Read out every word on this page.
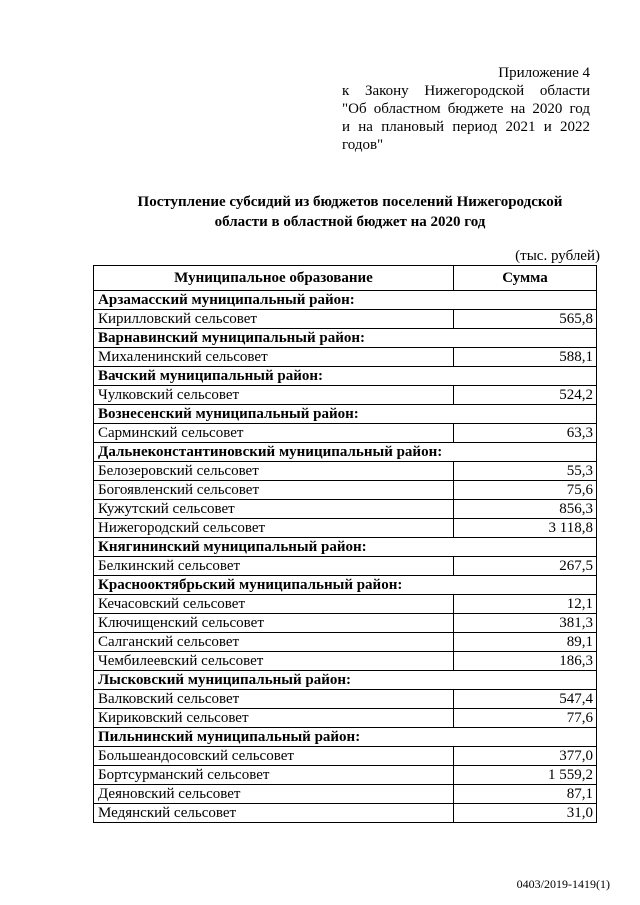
Приложение 4
к Закону Нижегородской области
"Об областном бюджете на 2020 год
и на плановый период 2021 и 2022
годов"
Поступление субсидий из бюджетов поселений Нижегородской
области в областной бюджет на 2020 год
(тыс. рублей)
Муниципальное образование	Сумма
Арзамасский муниципальный район:	
Кирилловский сельсовет	565,8
Варнавинский муниципальный район:	
Михаленинский сельсовет	588,1
Вачский муниципальный район:	
Чулковский сельсовет	524,2
Вознесенский муниципальный район:	
Сарминский сельсовет	63,3
Дальнеконстантиновский муниципальный район:	
Белозеровский сельсовет	55,3
Богоявленский сельсовет	75,6
Кужутский сельсовет	856,3
Нижегородский сельсовет	3 118,8
Княгининский муниципальный район:	
Белкинский сельсовет	267,5
Краснооктябрьский муниципальный район:	
Кечасовский сельсовет	12,1
Ключищенский сельсовет	381,3
Салганский сельсовет	89,1
Чембилеевский сельсовет	186,3
Лысковский муниципальный район:	
Валковский сельсовет	547,4
Кириковский сельсовет	77,6
Пильнинский муниципальный район:	
Большеандосовский сельсовет	377,0
Бортсурманский сельсовет	1 559,2
Деяновский сельсовет	87,1
Медянский сельсовет	31,0
0403/2019-1419(1)
